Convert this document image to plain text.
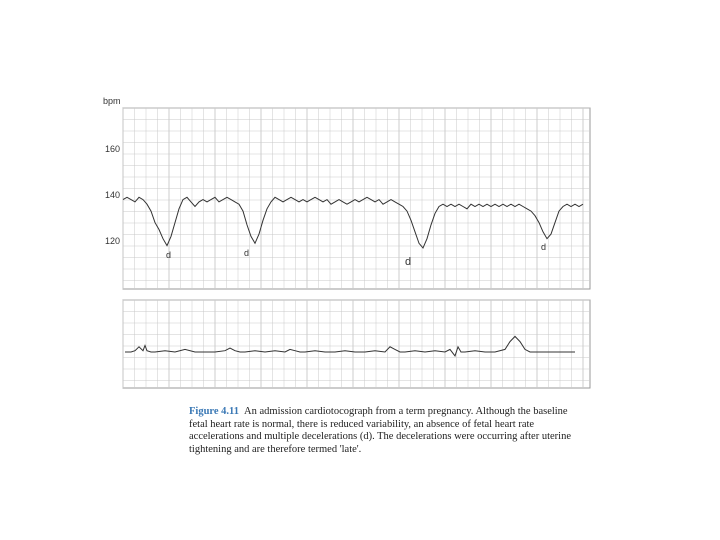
bpm
160
140
120
d	d
d
d
Figure 4.11 An admission cardiotocograph from a term pregnancy. Although the baseline fetal heart rate is normal, there is reduced variability, an absence of fetal heart rate accelerations and multiple decelerations (d). The decelerations were occurring after uterine tightening and are therefore termed 'late'.
